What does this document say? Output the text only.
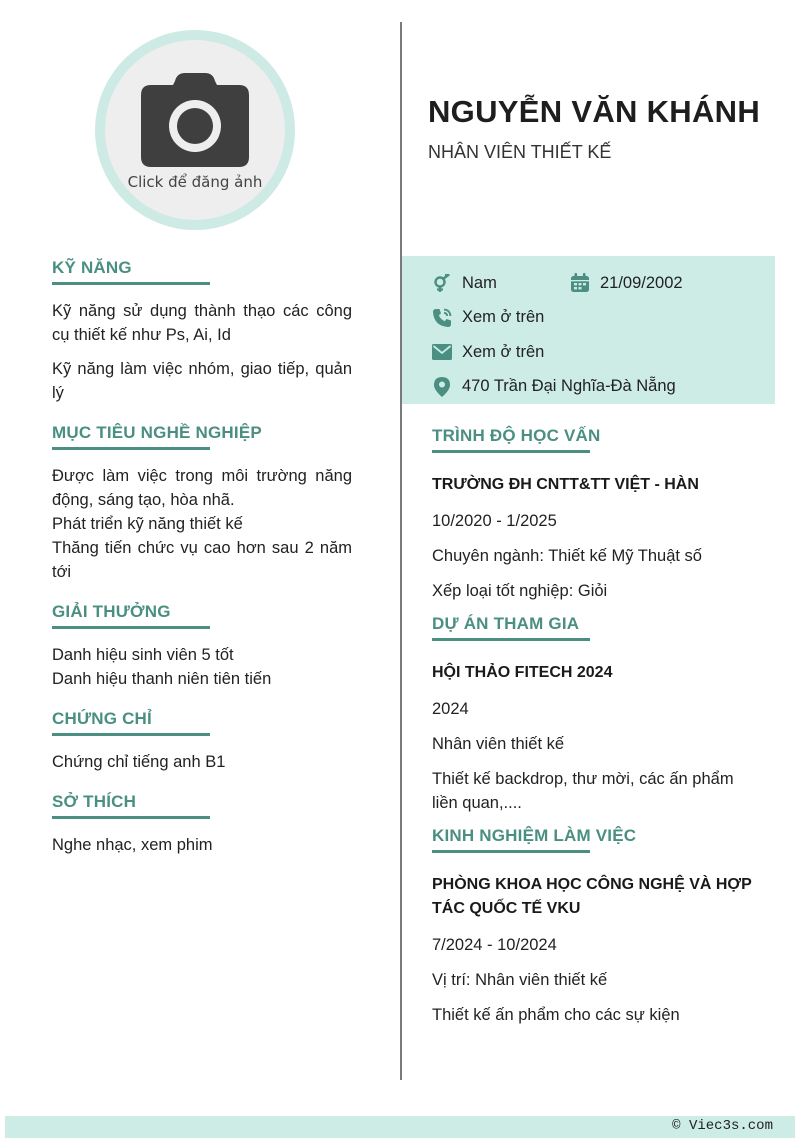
Click để đăng ảnh
KỸ NĂNG

Kỹ năng sử dụng thành thạo các công cụ thiết kế như Ps, Ai, Id

Kỹ năng làm việc nhóm, giao tiếp, quản lý

MỤC TIÊU NGHỀ NGHIỆP

Được làm việc trong môi trường năng động, sáng tạo, hòa nhã.

Phát triển kỹ năng thiết kế

Thăng tiến chức vụ cao hơn sau 2 năm tới

GIẢI THƯỞNG

Danh hiệu sinh viên 5 tốt

Danh hiệu thanh niên tiên tiến

CHỨNG CHỈ

Chứng chỉ tiếng anh B1

SỞ THÍCH

Nghe nhạc, xem phim

NGUYỄN VĂN KHÁNH
NHÂN VIÊN THIẾT KẾ
Nam	21/09/2002
Xem ở trên
Xem ở trên
470 Trần Đại Nghĩa-Đà Nẵng
TRÌNH ĐỘ HỌC VẤN
TRƯỜNG ĐH CNTT&TT VIỆT - HÀN

10/2020 - 1/2025

Chuyên ngành: Thiết kế Mỹ Thuật số

Xếp loại tốt nghiệp: Giỏi

DỰ ÁN THAM GIA
HỘI THẢO FITECH 2024

2024

Nhân viên thiết kế

Thiết kế backdrop, thư mời, các ấn phẩm liền quan,....

KINH NGHIỆM LÀM VIỆC
PHÒNG KHOA HỌC CÔNG NGHỆ VÀ HỢP TÁC QUỐC TẾ VKU

7/2024 - 10/2024

Vị trí: Nhân viên thiết kế

Thiết kế ấn phẩm cho các sự kiện

© Viec3s.com
